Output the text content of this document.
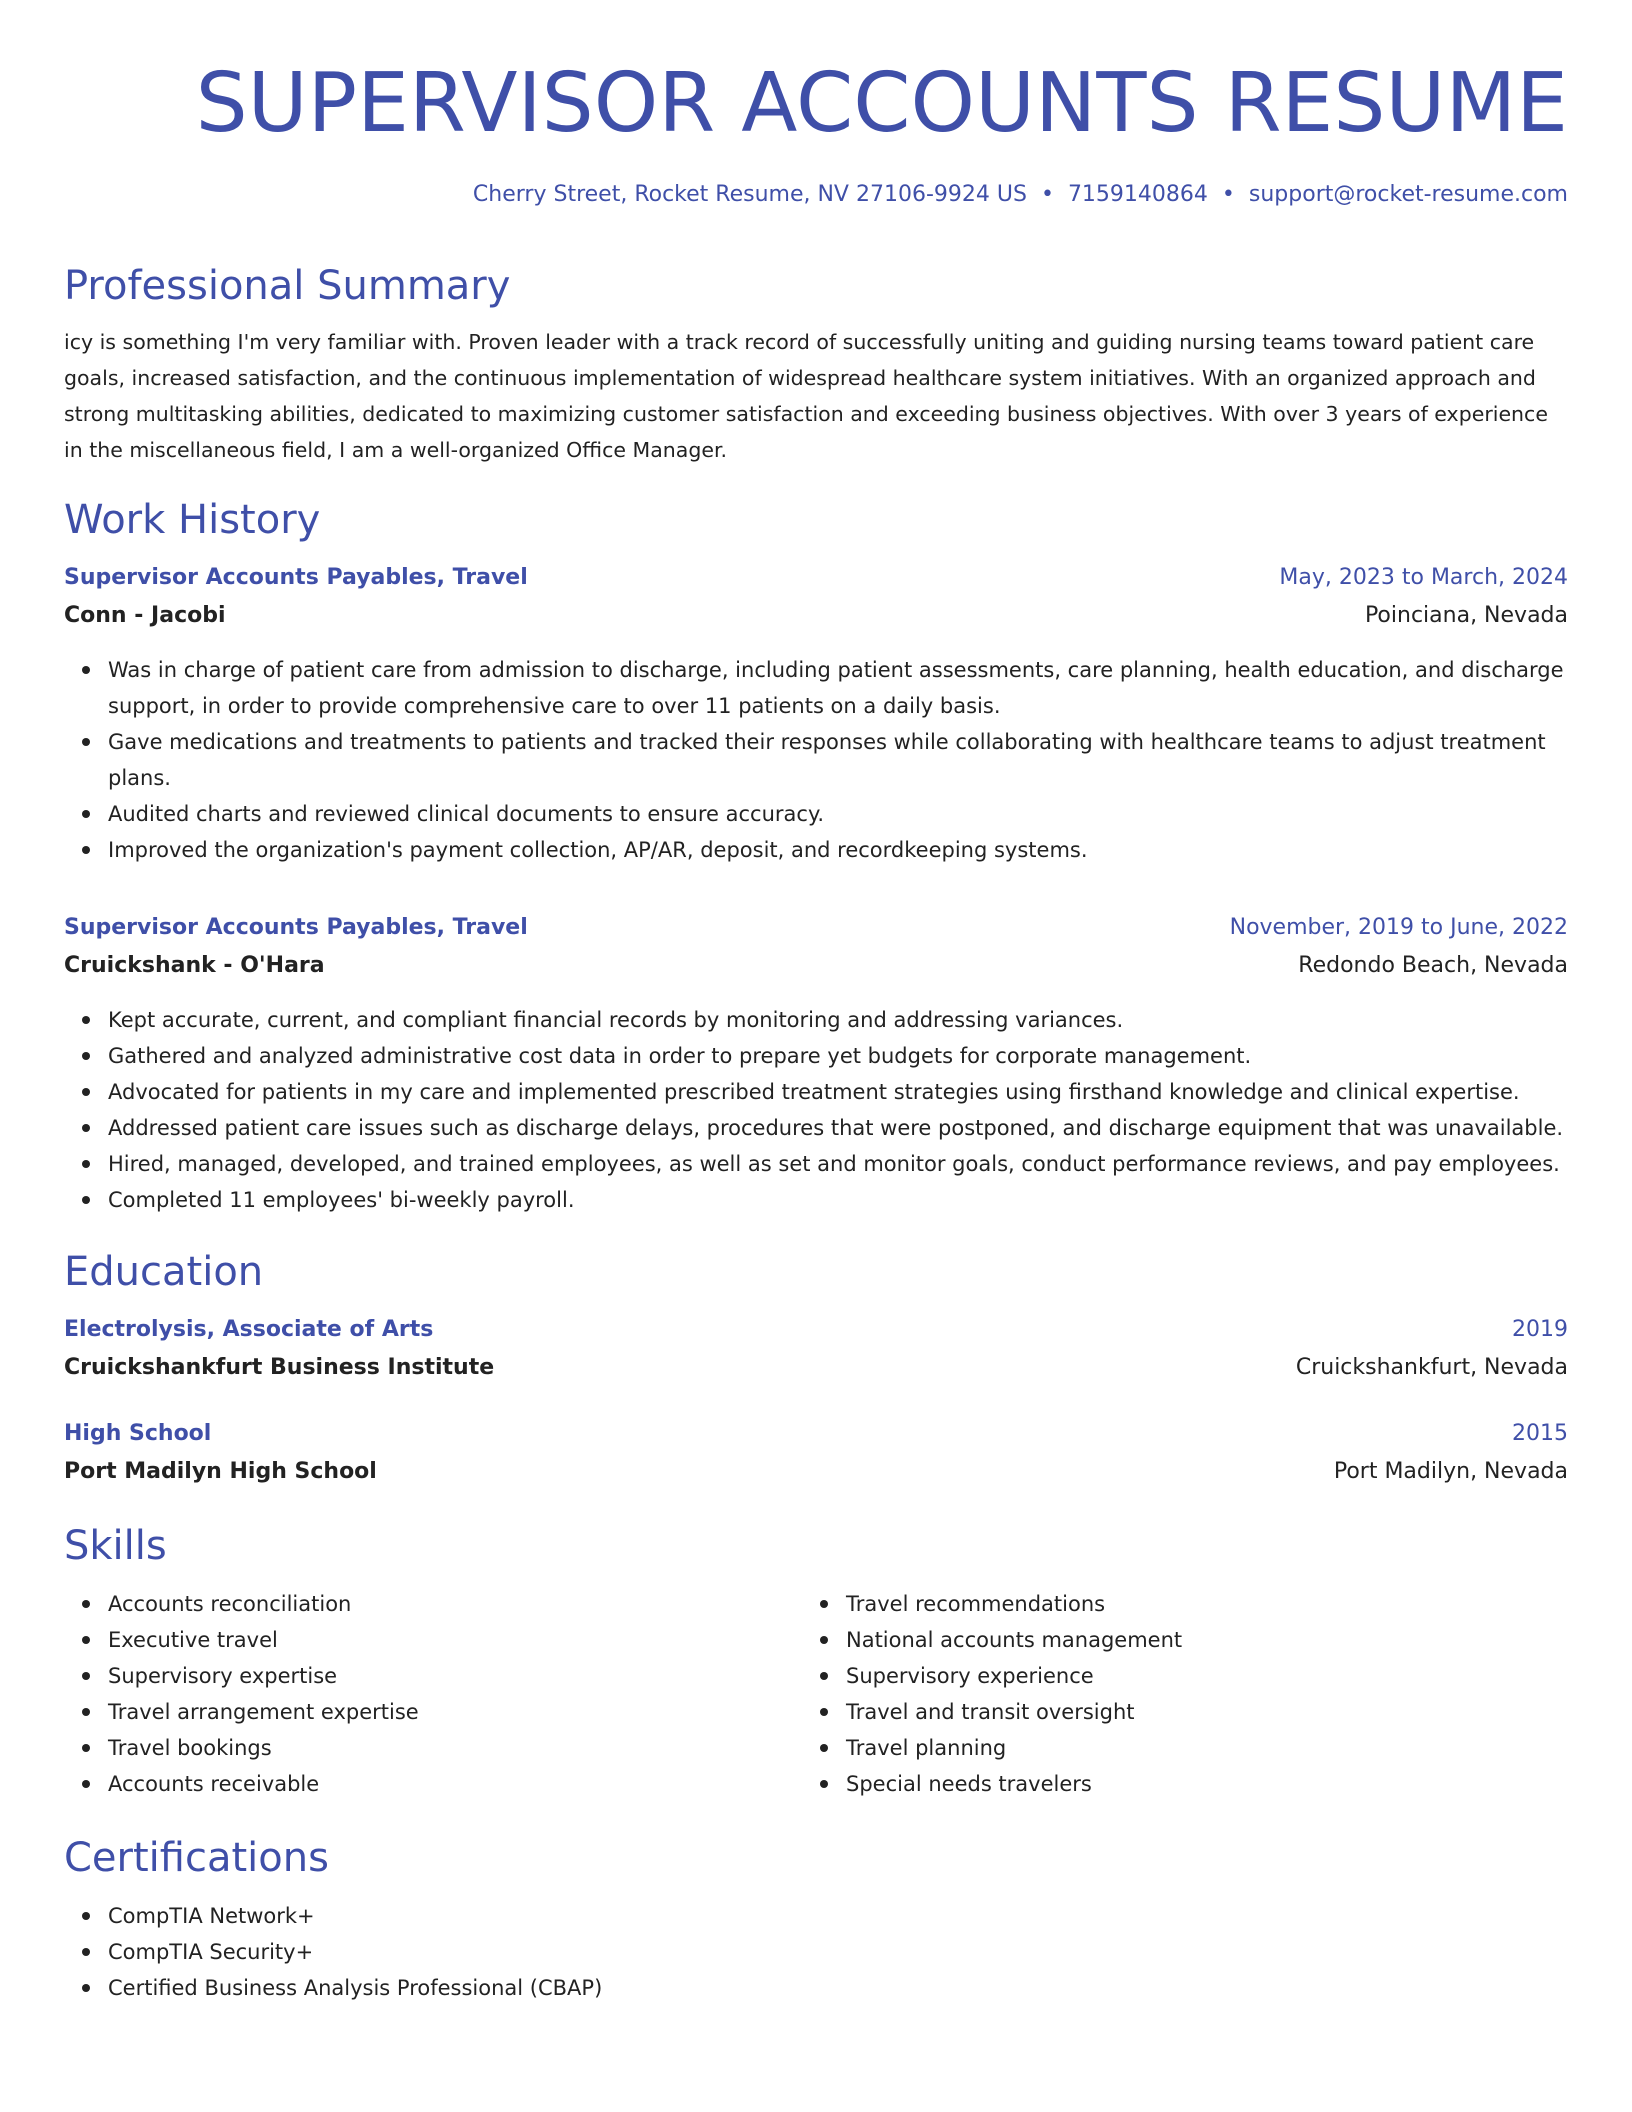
SUPERVISOR ACCOUNTS RESUME
Cherry Street, Rocket Resume, NV 27106-9924 US • 7159140864 • support@rocket-resume.com
Professional Summary
icy is something I'm very familiar with. Proven leader with a track record of successfully uniting and guiding nursing teams toward patient care goals, increased satisfaction, and the continuous implementation of widespread healthcare system initiatives. With an organized approach and strong multitasking abilities, dedicated to maximizing customer satisfaction and exceeding business objectives. With over 3 years of experience in the miscellaneous field, I am a well-organized Office Manager.
Work History
Supervisor Accounts Payables, Travel	May, 2023 to March, 2024
Conn - Jacobi	Poinciana, Nevada
Was in charge of patient care from admission to discharge, including patient assessments, care planning, health education, and discharge support, in order to provide comprehensive care to over 11 patients on a daily basis.
Gave medications and treatments to patients and tracked their responses while collaborating with healthcare teams to adjust treatment plans.
Audited charts and reviewed clinical documents to ensure accuracy.
Improved the organization's payment collection, AP/AR, deposit, and recordkeeping systems.
Supervisor Accounts Payables, Travel	November, 2019 to June, 2022
Cruickshank - O'Hara	Redondo Beach, Nevada
Kept accurate, current, and compliant financial records by monitoring and addressing variances.
Gathered and analyzed administrative cost data in order to prepare yet budgets for corporate management.
Advocated for patients in my care and implemented prescribed treatment strategies using firsthand knowledge and clinical expertise.
Addressed patient care issues such as discharge delays, procedures that were postponed, and discharge equipment that was unavailable.
Hired, managed, developed, and trained employees, as well as set and monitor goals, conduct performance reviews, and pay employees.
Completed 11 employees' bi-weekly payroll.
Education
Electrolysis, Associate of Arts	2019
Cruickshankfurt Business Institute	Cruickshankfurt, Nevada
High School	2015
Port Madilyn High School	Port Madilyn, Nevada
Skills
Accounts reconciliation
Executive travel
Supervisory expertise
Travel arrangement expertise
Travel bookings
Accounts receivable
Travel recommendations
National accounts management
Supervisory experience
Travel and transit oversight
Travel planning
Special needs travelers
Certifications
CompTIA Network+
CompTIA Security+
Certified Business Analysis Professional (CBAP)
